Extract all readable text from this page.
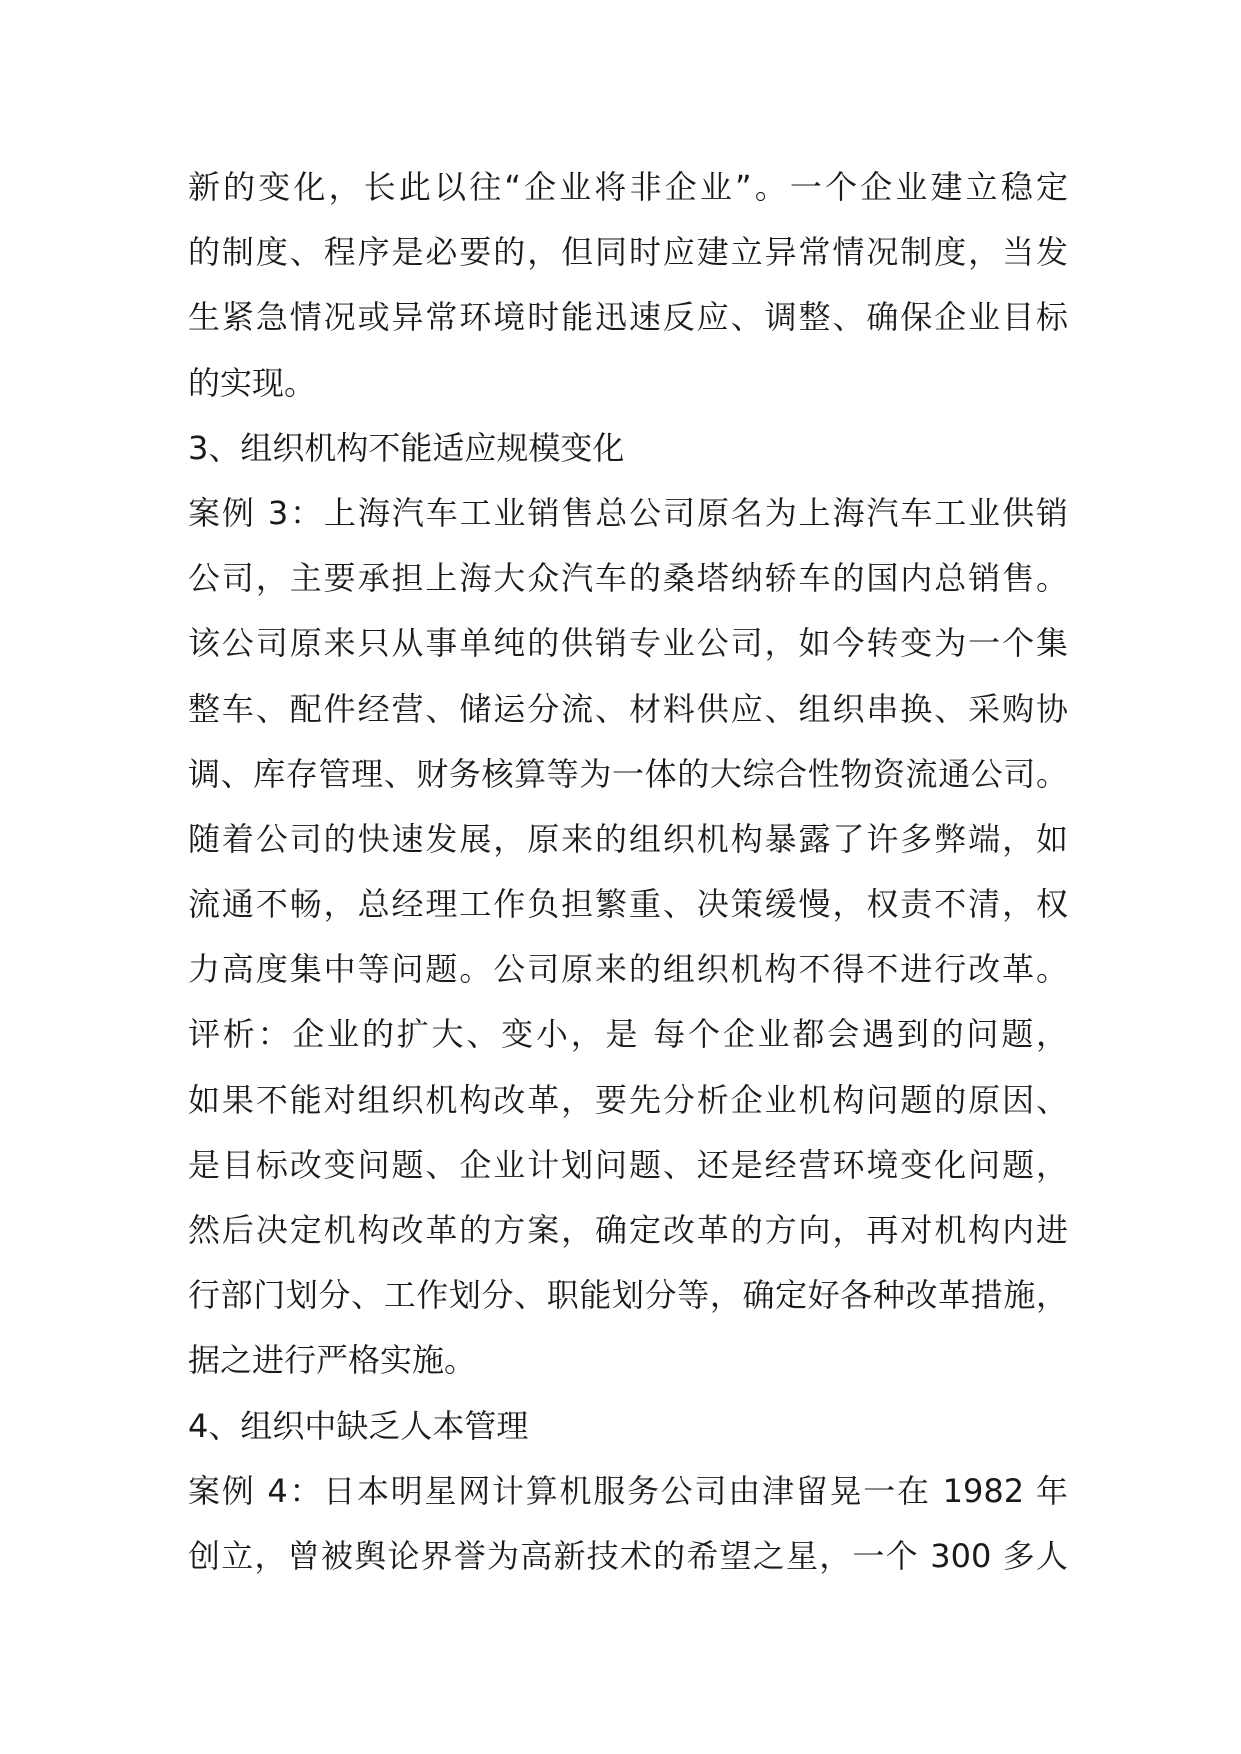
新的变化，长此以往“企业将非企业”。一个企业建立稳定
的制度、程序是必要的，但同时应建立异常情况制度，当发
生紧急情况或异常环境时能迅速反应、调整、确保企业目标
的实现。
3、组织机构不能适应规模变化
案例 3：上海汽车工业销售总公司原名为上海汽车工业供销
公司，主要承担上海大众汽车的桑塔纳轿车的国内总销售。
该公司原来只从事单纯的供销专业公司，如今转变为一个集
整车、配件经营、储运分流、材料供应、组织串换、采购协
调、库存管理、财务核算等为一体的大综合性物资流通公司。
随着公司的快速发展，原来的组织机构暴露了许多弊端，如
流通不畅，总经理工作负担繁重、决策缓慢，权责不清，权
力高度集中等问题。公司原来的组织机构不得不进行改革。
评析：企业的扩大、变小，是 每个企业都会遇到的问题，
如果不能对组织机构改革，要先分析企业机构问题的原因、
是目标改变问题、企业计划问题、还是经营环境变化问题，
然后决定机构改革的方案，确定改革的方向，再对机构内进
行部门划分、工作划分、职能划分等，确定好各种改革措施，
据之进行严格实施。
4、组织中缺乏人本管理
案例 4：日本明星网计算机服务公司由津留晃一在 1982 年
创立，曾被舆论界誉为高新技术的希望之星，一个 300 多人
